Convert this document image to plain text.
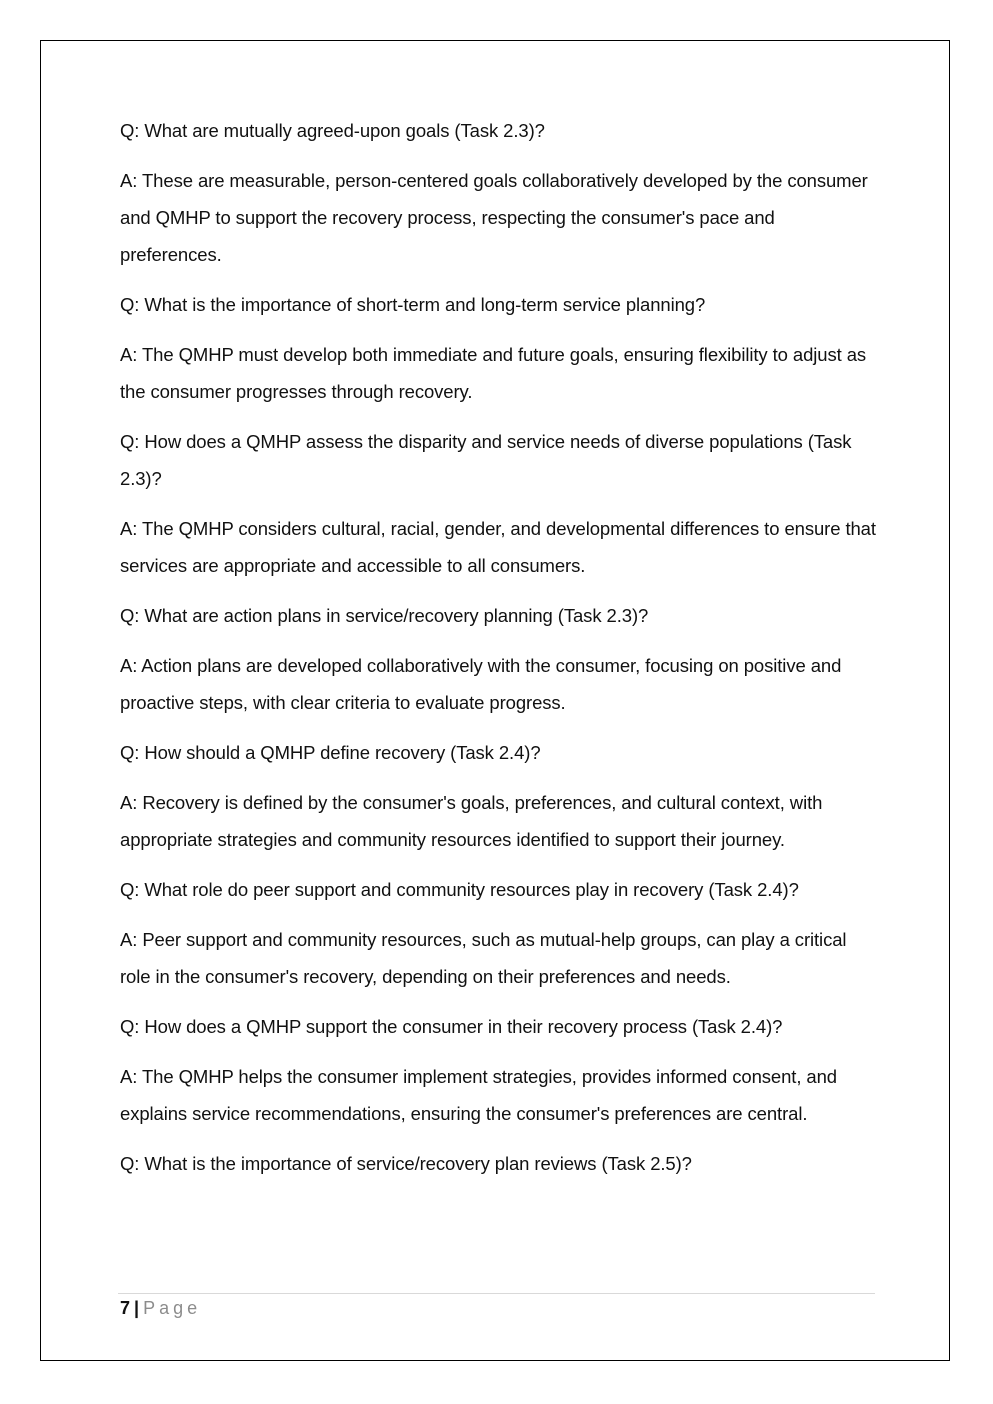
Q: What are mutually agreed-upon goals (Task 2.3)?

A: These are measurable, person-centered goals collaboratively developed by the consumer and QMHP to support the recovery process, respecting the consumer's pace and preferences.

Q: What is the importance of short-term and long-term service planning?

A: The QMHP must develop both immediate and future goals, ensuring flexibility to adjust as the consumer progresses through recovery.

Q: How does a QMHP assess the disparity and service needs of diverse populations (Task 2.3)?

A: The QMHP considers cultural, racial, gender, and developmental differences to ensure that services are appropriate and accessible to all consumers.

Q: What are action plans in service/recovery planning (Task 2.3)?

A: Action plans are developed collaboratively with the consumer, focusing on positive and proactive steps, with clear criteria to evaluate progress.

Q: How should a QMHP define recovery (Task 2.4)?

A: Recovery is defined by the consumer's goals, preferences, and cultural context, with appropriate strategies and community resources identified to support their journey.

Q: What role do peer support and community resources play in recovery (Task 2.4)?

A: Peer support and community resources, such as mutual-help groups, can play a critical role in the consumer's recovery, depending on their preferences and needs.

Q: How does a QMHP support the consumer in their recovery process (Task 2.4)?

A: The QMHP helps the consumer implement strategies, provides informed consent, and explains service recommendations, ensuring the consumer's preferences are central.

Q: What is the importance of service/recovery plan reviews (Task 2.5)?

7 | Page
